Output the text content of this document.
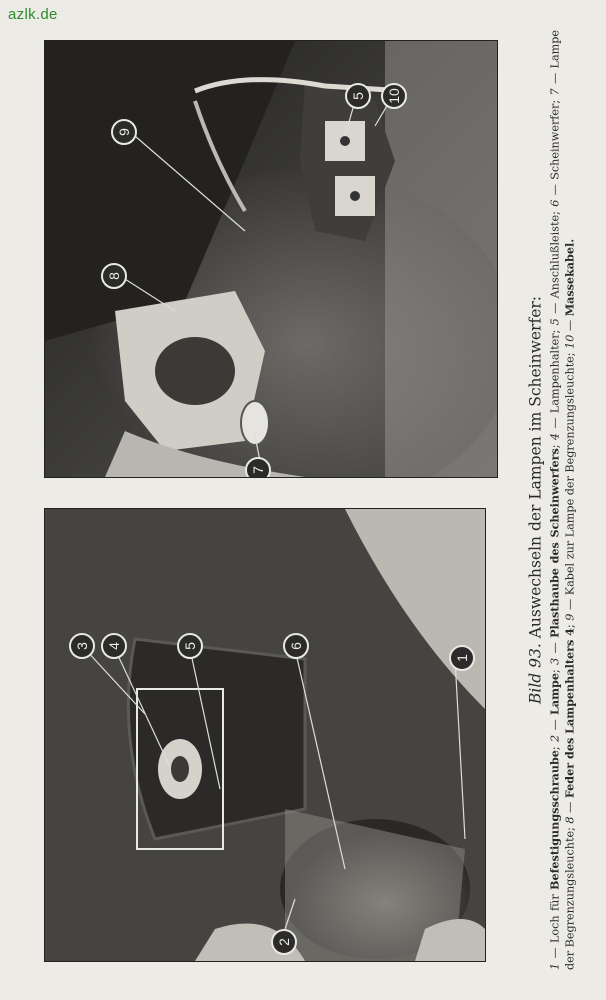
azlk.de
5 10
9
8
7
3 4	5	6
1
2
Bild 93. Auswechseln der Lampen im Scheinwerfer:
1 — Loch für Befestigungsschraube; 2 — Lampe; 3 — Plasthaube des Scheinwerfers; 4 — Lampenhalter; 5 — Anschlußleiste; 6 — Scheinwerfer; 7 — Lampe der Begrenzungsleuchte; 8 — Feder des Lampenhalters 4; 9 — Kabel zur Lampe der Begrenzungsleuchte; 10 — Massekabel.
